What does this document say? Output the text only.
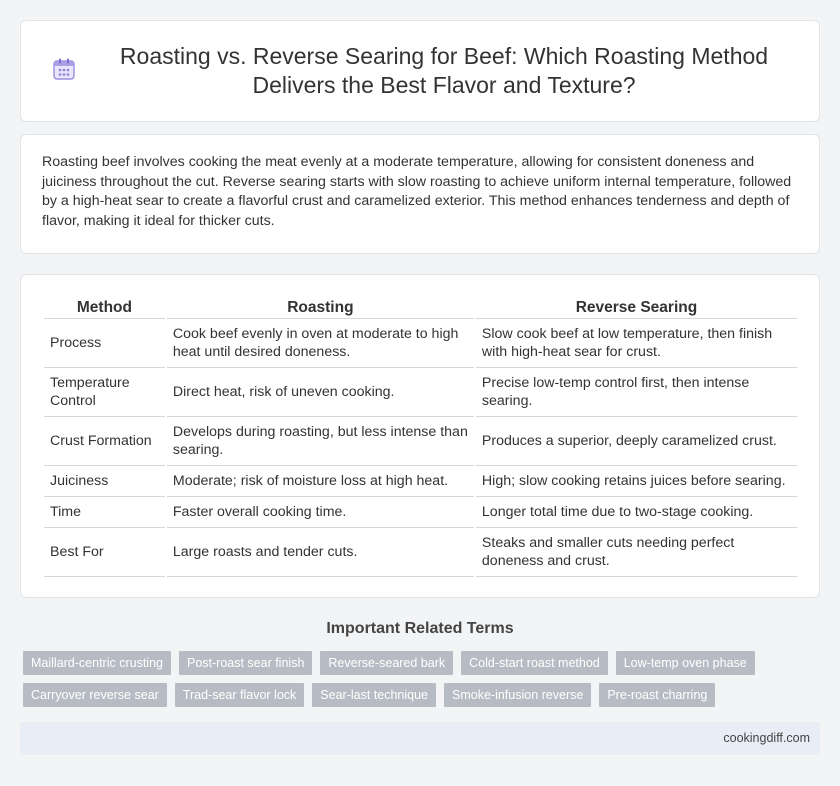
Roasting vs. Reverse Searing for Beef: Which Roasting Method Delivers the Best Flavor and Texture?

Roasting beef involves cooking the meat evenly at a moderate temperature, allowing for consistent doneness and juiciness throughout the cut. Reverse searing starts with slow roasting to achieve uniform internal temperature, followed by a high-heat sear to create a flavorful crust and caramelized exterior. This method enhances tenderness and depth of flavor, making it ideal for thicker cuts.

Method	Roasting	Reverse Searing
Process	Cook beef evenly in oven at moderate to high heat until desired doneness.	Slow cook beef at low temperature, then finish with high-heat sear for crust.
Temperature Control	Direct heat, risk of uneven cooking.	Precise low-temp control first, then intense searing.
Crust Formation	Develops during roasting, but less intense than searing.	Produces a superior, deeply caramelized crust.
Juiciness	Moderate; risk of moisture loss at high heat.	High; slow cooking retains juices before searing.
Time	Faster overall cooking time.	Longer total time due to two-stage cooking.
Best For	Large roasts and tender cuts.	Steaks and smaller cuts needing perfect doneness and crust.
Important Related Terms
Maillard-centric crusting	Post-roast sear finish	Reverse-seared bark	Cold-start roast method	Low-temp oven phase
Carryover reverse sear	Trad-sear flavor lock	Sear-last technique	Smoke-infusion reverse	Pre-roast charring
cookingdiff.com
